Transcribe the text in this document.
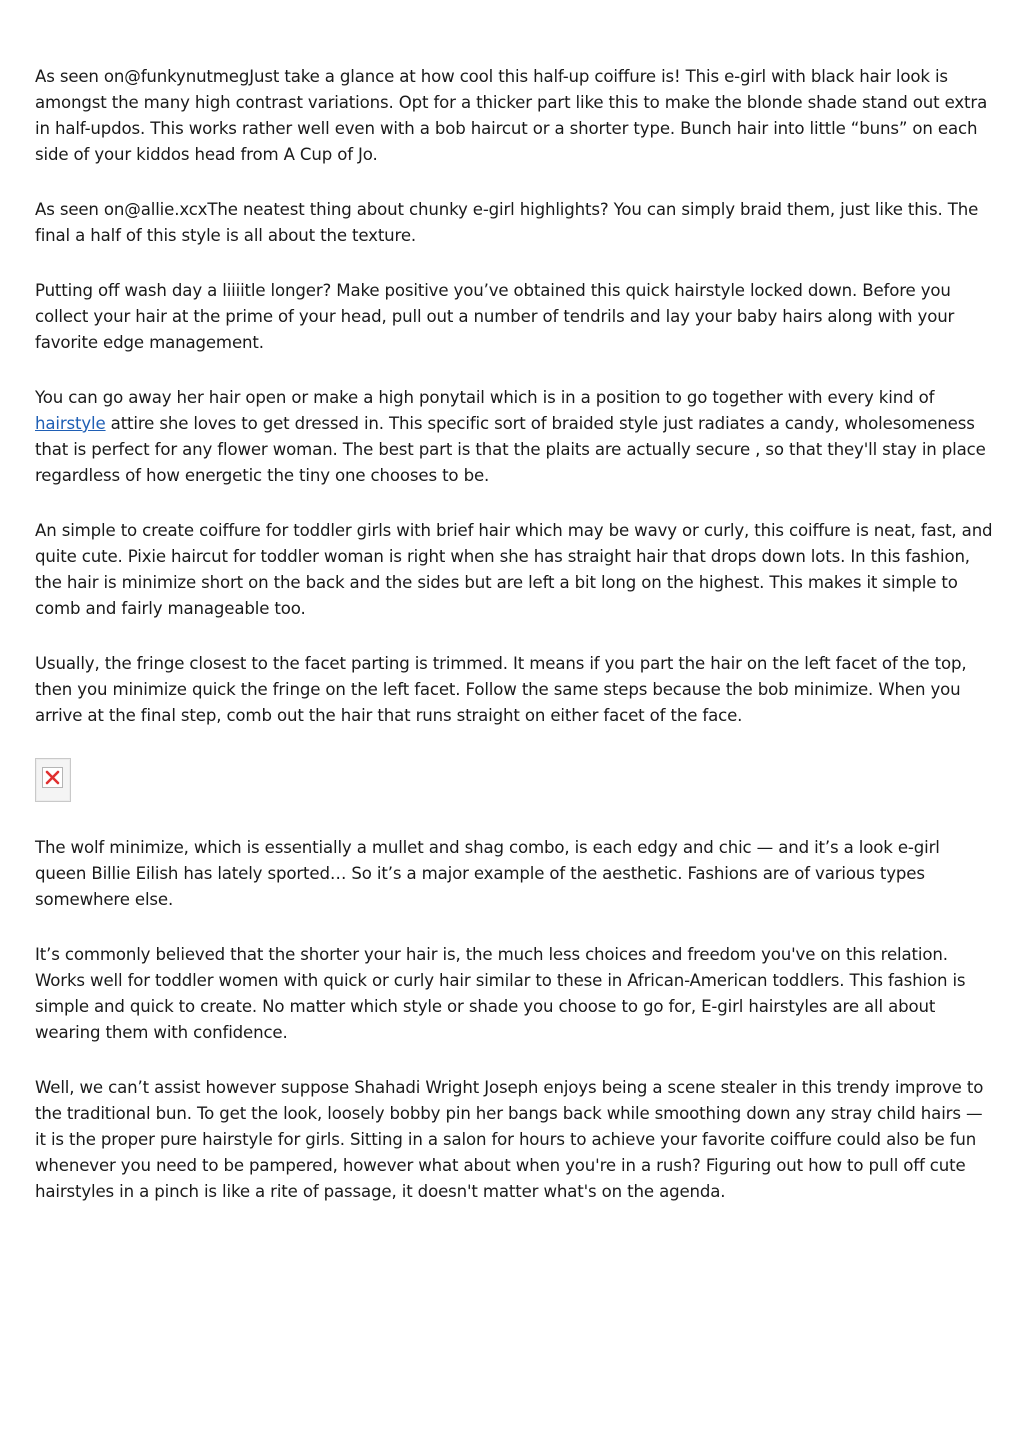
As seen on@funkynutmegJust take a glance at how cool this half-up coiffure is! This e-girl with black hair look is amongst the many high contrast variations. Opt for a thicker part like this to make the blonde shade stand out extra in half-updos. This works rather well even with a bob haircut or a shorter type. Bunch hair into little “buns” on each side of your kiddos head from A Cup of Jo.

As seen on@allie.xcxThe neatest thing about chunky e-girl highlights? You can simply braid them, just like this. The final a half of this style is all about the texture.

Putting off wash day a liiiitle longer? Make positive you’ve obtained this quick hairstyle locked down. Before you collect your hair at the prime of your head, pull out a number of tendrils and lay your baby hairs along with your favorite edge management.

You can go away her hair open or make a high ponytail which is in a position to go together with every kind of hairstyle attire she loves to get dressed in. This specific sort of braided style just radiates a candy, wholesomeness that is perfect for any flower woman. The best part is that the plaits are actually secure , so that they'll stay in place regardless of how energetic the tiny one chooses to be.

An simple to create coiffure for toddler girls with brief hair which may be wavy or curly, this coiffure is neat, fast, and quite cute. Pixie haircut for toddler woman is right when she has straight hair that drops down lots. In this fashion, the hair is minimize short on the back and the sides but are left a bit long on the highest. This makes it simple to comb and fairly manageable too.

Usually, the fringe closest to the facet parting is trimmed. It means if you part the hair on the left facet of the top, then you minimize quick the fringe on the left facet. Follow the same steps because the bob minimize. When you arrive at the final step, comb out the hair that runs straight on either facet of the face.

The wolf minimize, which is essentially a mullet and shag combo, is each edgy and chic — and it’s a look e-girl queen Billie Eilish has lately sported… So it’s a major example of the aesthetic. Fashions are of various types somewhere else.

It’s commonly believed that the shorter your hair is, the much less choices and freedom you've on this relation. Works well for toddler women with quick or curly hair similar to these in African-American toddlers. This fashion is simple and quick to create. No matter which style or shade you choose to go for, E-girl hairstyles are all about wearing them with confidence.

Well, we can’t assist however suppose Shahadi Wright Joseph enjoys being a scene stealer in this trendy improve to the traditional bun. To get the look, loosely bobby pin her bangs back while smoothing down any stray child hairs — it is the proper pure hairstyle for girls. Sitting in a salon for hours to achieve your favorite coiffure could also be fun whenever you need to be pampered, however what about when you're in a rush? Figuring out how to pull off cute hairstyles in a pinch is like a rite of passage, it doesn't matter what's on the agenda.
